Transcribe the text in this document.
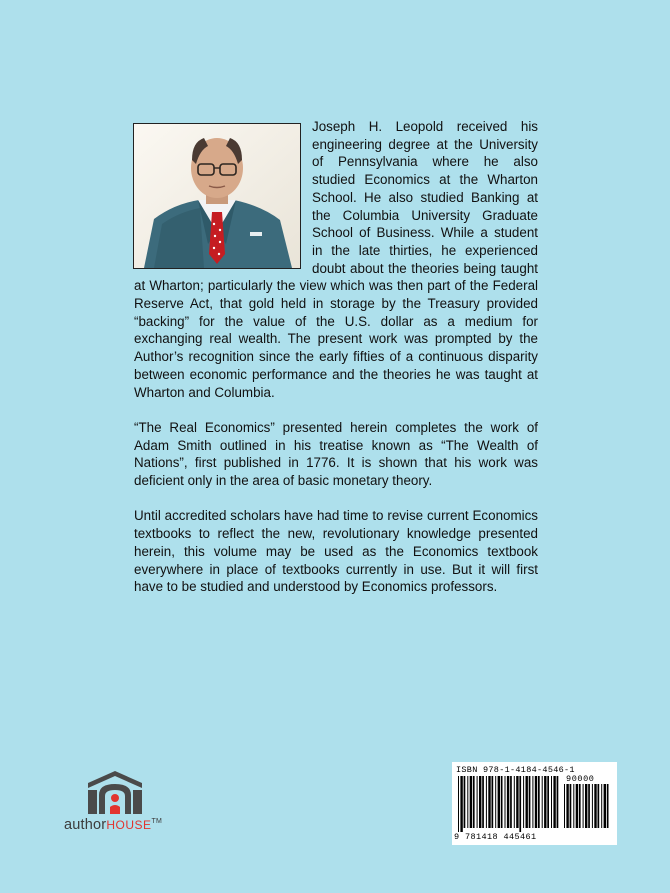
Joseph H. Leopold received his engineering degree at the University of Pennsylvania where he also studied Economics at the Wharton School. He also studied Banking at the Columbia University Graduate School of Business. While a student in the late thirties, he experienced doubt about the theories being taught at Wharton; particularly the view which was then part of the Federal Reserve Act, that gold held in storage by the Treasury provided “backing” for the value of the U.S. dollar as a medium for exchanging real wealth. The present work was prompted by the Author’s recognition since the early fifties of a continuous disparity between economic performance and the theories he was taught at Wharton and Columbia.

“The Real Economics” presented herein completes the work of Adam Smith outlined in his treatise known as “The Wealth of Nations”, first published in 1776. It is shown that his work was deficient only in the area of basic monetary theory.

Until accredited scholars have had time to revise current Economics textbooks to reflect the new, revolutionary knowledge presented herein, this volume may be used as the Economics textbook everywhere in place of textbooks currently in use. But it will first have to be studied and understood by Economics professors.

authorHOUSE™
ISBN 978-1-4184-4546-1
90000
9 781418 445461
